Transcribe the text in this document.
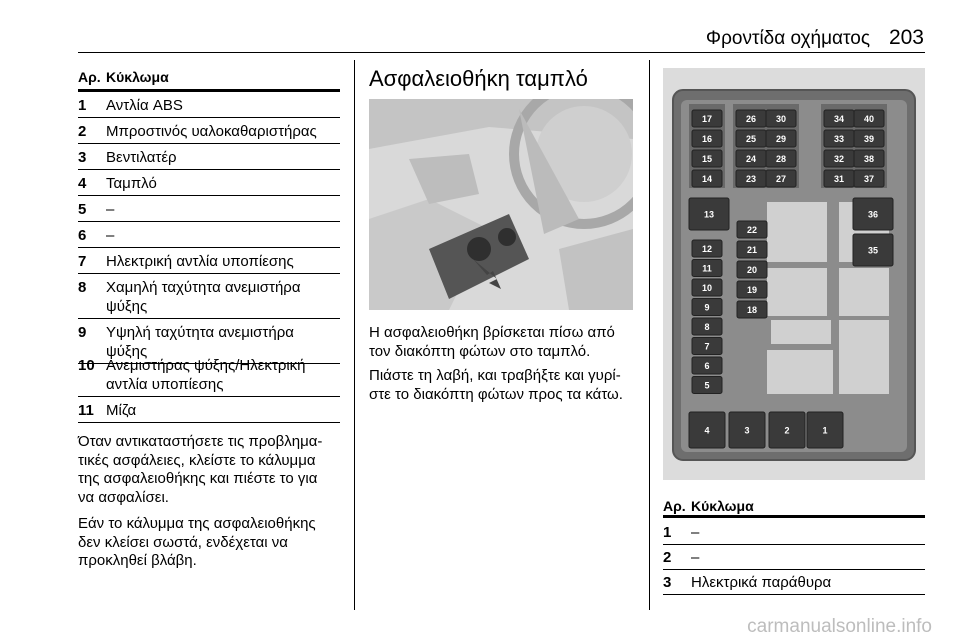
Φροντίδα οχήματος 203
Αρ. Κύκλωμα
1 Αντλία ABS
2 Μπροστινός υαλοκαθαριστήρας
3 Βεντιλατέρ
4 Ταμπλό
5 –
6 –
7 Ηλεκτρική αντλία υποπίεσης
8 Χαμηλή ταχύτητα ανεμιστήρα
ψύξης
9 Υψηλή ταχύτητα ανεμιστήρα
ψύξης
10 Ανεμιστήρας ψύξης/Ηλεκτρική
αντλία υποπίεσης
11 Μίζα
Όταν αντικαταστήσετε τις προβλημα-
τικές ασφάλειες, κλείστε το κάλυμμα
της ασφαλειοθήκης και πιέστε το για
να ασφαλίσει.
Εάν το κάλυμμα της ασφαλειοθήκης
δεν κλείσει σωστά, ενδέχεται να
προκληθεί βλάβη.
Ασφαλειοθήκη ταμπλό
Η ασφαλειοθήκη βρίσκεται πίσω από
τον διακόπτη φώτων στο ταμπλό.
Πιάστε τη λαβή, και τραβήξτε και γυρί-
στε το διακόπτη φώτων προς τα κάτω.
17	26 30	34 40
16	25 29	33 39
15	24 28	32 38
14	23 27	31 37
12
11
10
9
8
7
6
5
22
21
20
19
18
13	36
35
4	3	2	1
Αρ. Κύκλωμα
1 –
2 –
3 Ηλεκτρικά παράθυρα
carmanualsonline.info
